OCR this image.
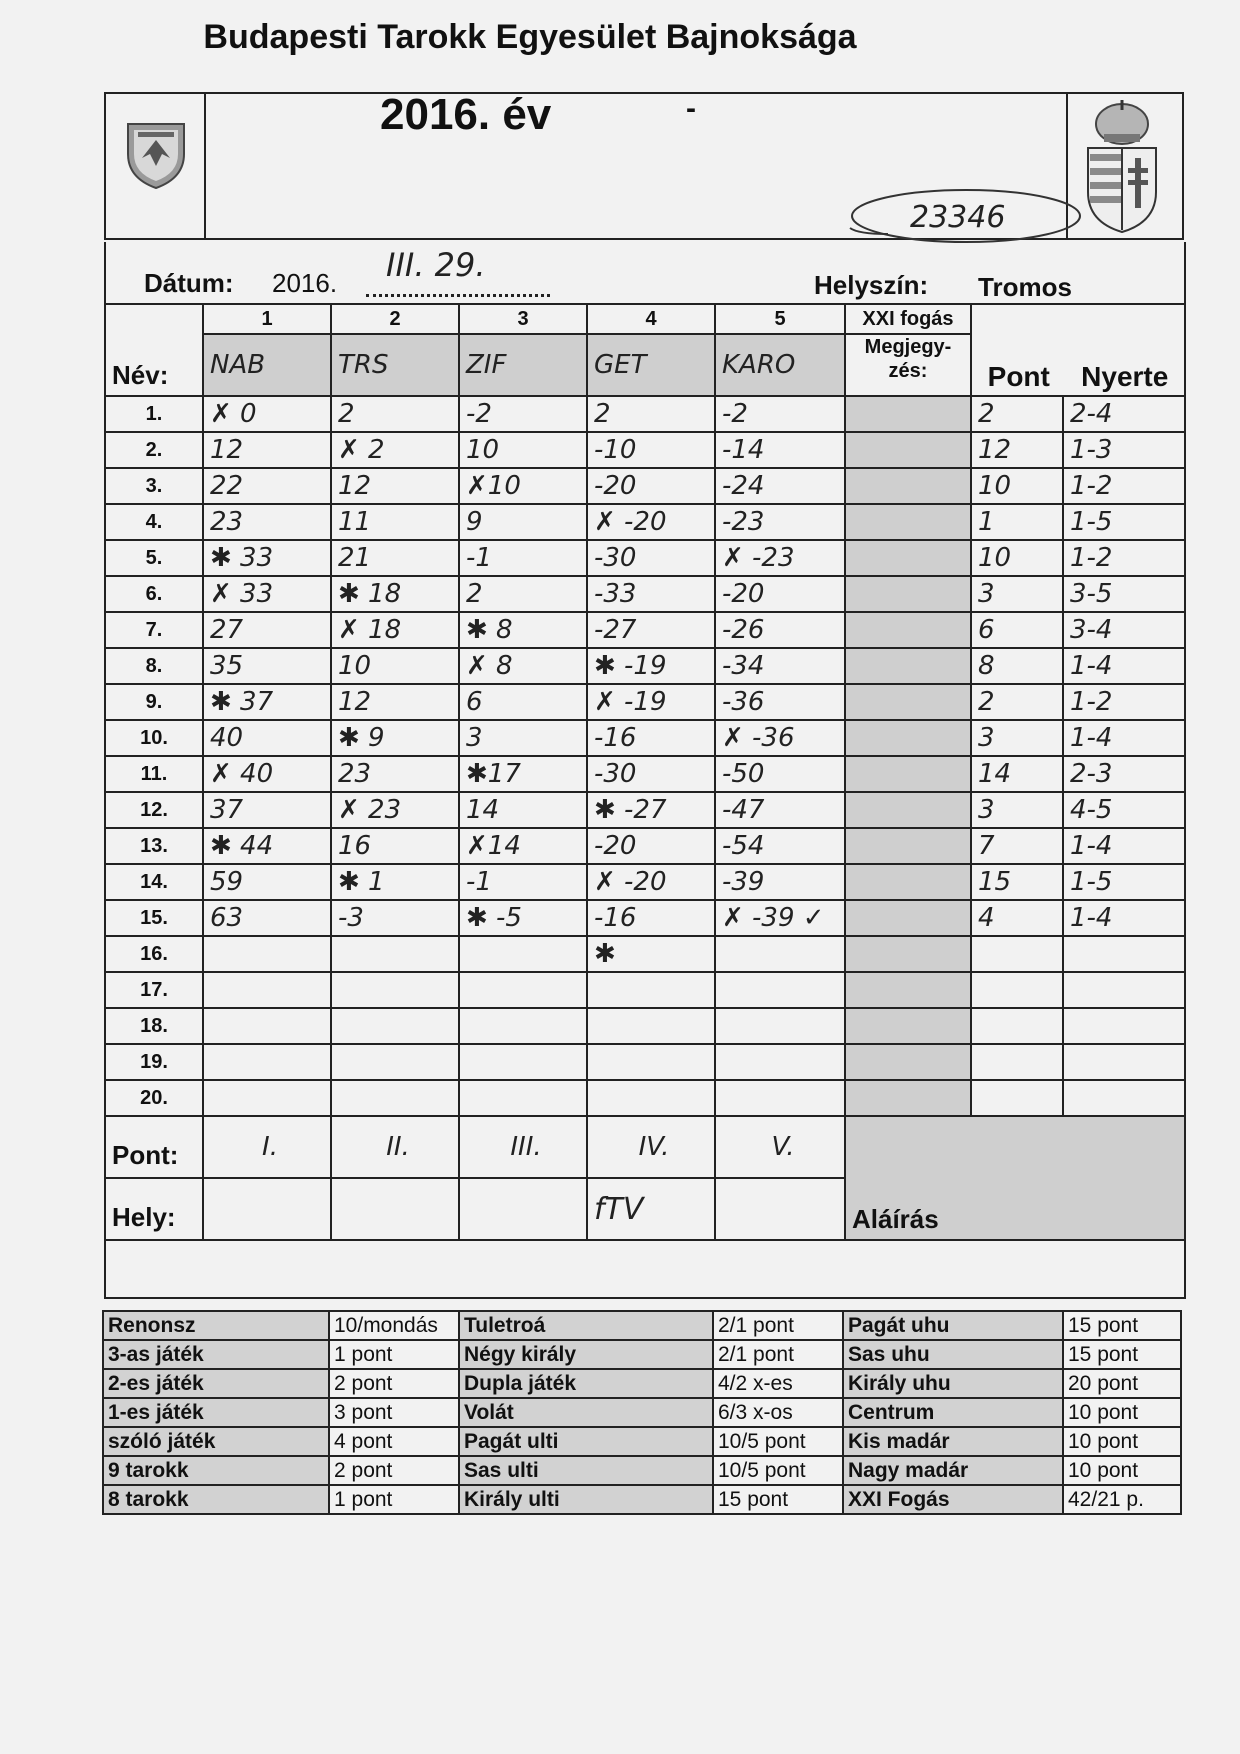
Budapesti Tarokk Egyesület Bajnoksága
2016. év	-
23346
Dátum: 2016. III. 29.
Helyszín: Tromos

Név:	1	2	3	4	5	XXI fogás	Pont Nyerte	

	NAB	TRS	ZIF	GET	KARO	Megjegy-
zés:		
1.	✗ 0	2	-2	2	-2		2	2-4
2.	12	✗ 2	10	-10	-14		12	1-3
3.	22	12	✗10	-20	-24		10	1-2
4.	23	11	9	✗ -20	-23		1	1-5
5.	✱ 33	21	-1	-30	✗ -23		10	1-2
6.	✗ 33	✱ 18	2	-33	-20		3	3-5
7.	27	✗ 18	✱ 8	-27	-26		6	3-4
8.	35	10	✗ 8	✱ -19	-34		8	1-4
9.	✱ 37	12	6	✗ -19	-36		2	1-2
10.	40	✱ 9	3	-16	✗ -36		3	1-4
11.	✗ 40	23	✱17	-30	-50		14	2-3
12.	37	✗ 23	14	✱ -27	-47		3	4-5
13.	✱ 44	16	✗14	-20	-54		7	1-4
14.	59	✱ 1	-1	✗ -20	-39		15	1-5
15.	63	-3	✱ -5	-16	✗ -39 ✓		4	1-4
16.				✱				
17.								
18.								
19.								
20.								
Pont:	I.	II.	III.	IV.	V.	Aláírás		
Hely:				fTV				

Renonsz	10/mondás	Tuletroá	2/1 pont	Pagát uhu	15 pont
3-as játék	1 pont	Négy király	2/1 pont	Sas uhu	15 pont
2-es játék	2 pont	Dupla játék	4/2 x-es	Király uhu	20 pont
1-es játék	3 pont	Volát	6/3 x-os	Centrum	10 pont
szóló játék	4 pont	Pagát ulti	10/5 pont	Kis madár	10 pont
9 tarokk	2 pont	Sas ulti	10/5 pont	Nagy madár	10 pont
8 tarokk	1 pont	Király ulti	15 pont	XXI Fogás	42/21 p.
